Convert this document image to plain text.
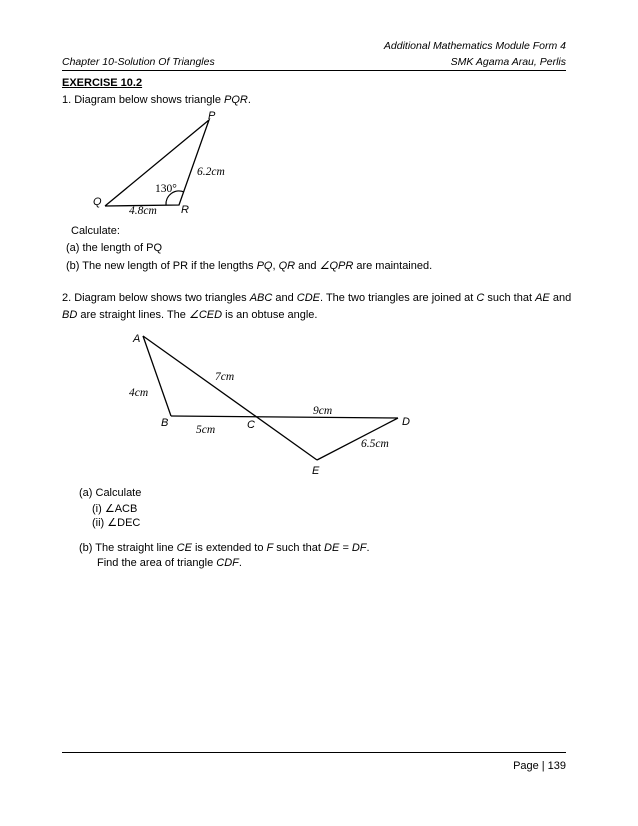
Additional Mathematics Module Form 4
Chapter 10-Solution Of Triangles	SMK Agama Arau, Perlis
EXERCISE 10.2
1. Diagram below shows triangle PQR.
P
Q
R
130°
4.8cm
6.2cm
Calculate:
(a) the length of PQ
(b) The new length of PR if the lengths PQ, QR and ∠QPR are maintained.
2. Diagram below shows two triangles ABC and CDE. The two triangles are joined at C such that AE and
BD are straight lines. The ∠CED is an obtuse angle.
A
B	C	D
E
4cm
7cm
5cm
9cm
6.5cm
(a) Calculate
(i) ∠ACB
(ii) ∠DEC
(b) The straight line CE is extended to F such that DE = DF.
Find the area of triangle CDF.
Page | 139
